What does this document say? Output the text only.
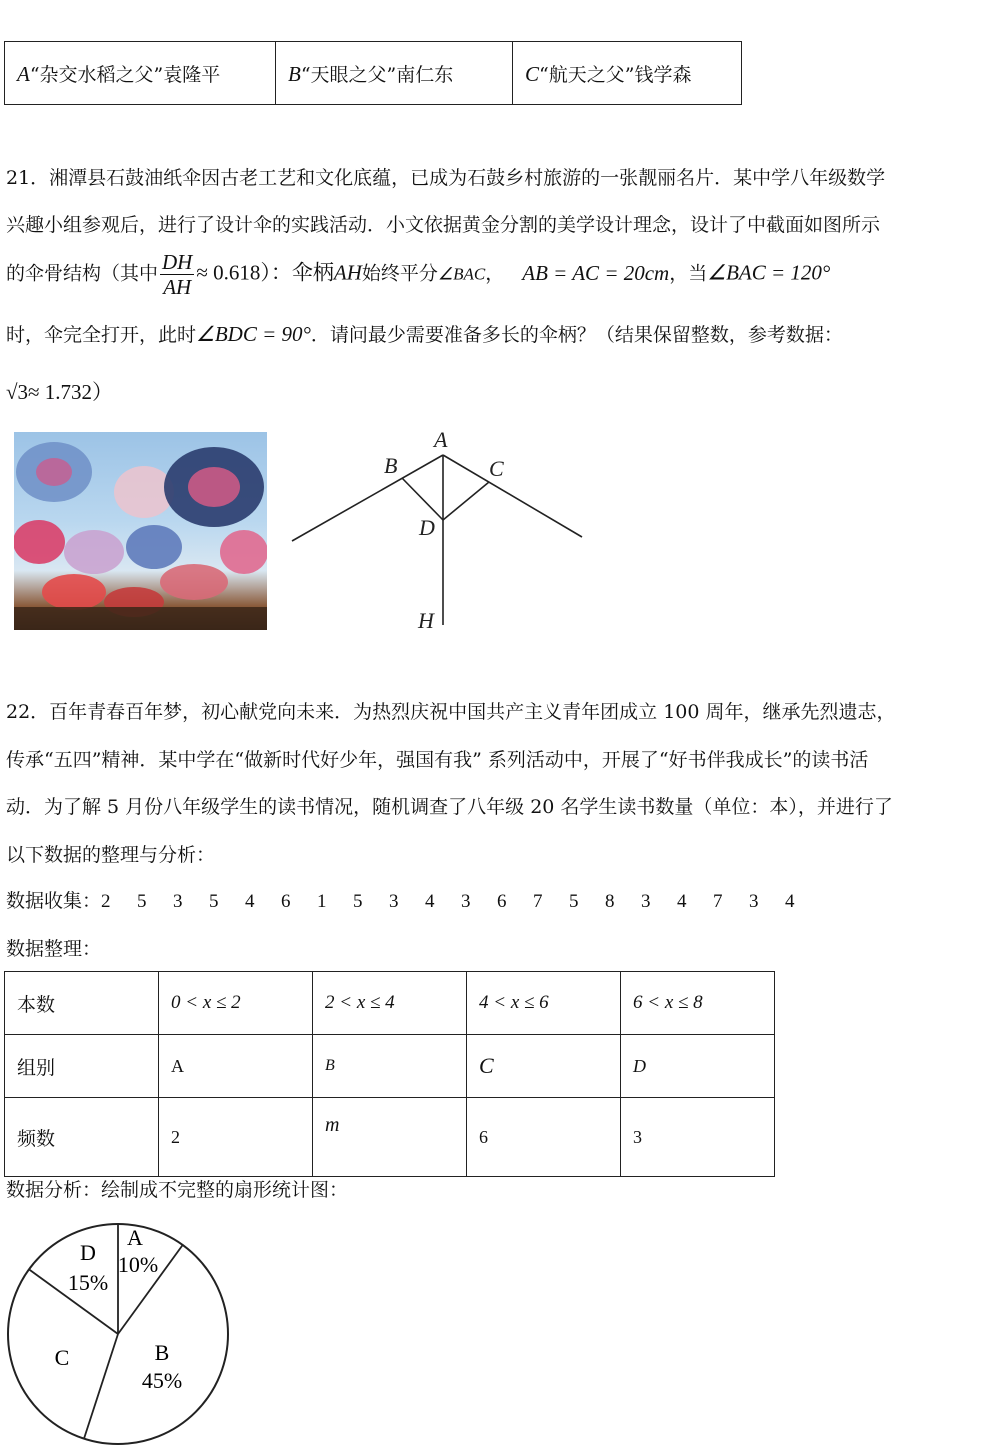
A“杂交水稻之父”袁隆平	B“天眼之父”南仁东	C“航天之父”钱学森
21．湘潭县石鼓油纸伞因古老工艺和文化底蕴，已成为石鼓乡村旅游的一张靓丽名片．某中学八年级数学
兴趣小组参观后，进行了设计伞的实践活动．小文依据黄金分割的美学设计理念，设计了中截面如图所示
的伞骨结构（其中 $\frac{DH}{AH} \approx 0.618$）：伞柄AH始终平分∠BAC， AB = AC = 20cm，当∠BAC = 120°
时，伞完全打开，此时∠BDC = 90°．请问最少需要准备多长的伞柄？（结果保留整数，参考数据：
√3≈ 1.732）
A
B	C
D
H
22．百年青春百年梦，初心献党向未来．为热烈庆祝中国共产主义青年团成立 100 周年，继承先烈遗志，
传承“五四”精神．某中学在“做新时代好少年，强国有我” 系列活动中，开展了“好书伴我成长”的读书活
动．为了解 5 月份八年级学生的读书情况，随机调查了八年级 20 名学生读书数量（单位：本），并进行了
以下数据的整理与分析：
数据收集：2 5 3 5 4 6 1 5 3 4 3 6 7 5 8 3 4 7 3 4
数据整理：
本数	0 < x ≤ 2	2 < x ≤ 4	4 < x ≤ 6	6 < x ≤ 8
组别	A	B	C	D
频数	2	m	6	3
数据分析：绘制成不完整的扇形统计图：
A
10%
B
45%
C
D
15%
